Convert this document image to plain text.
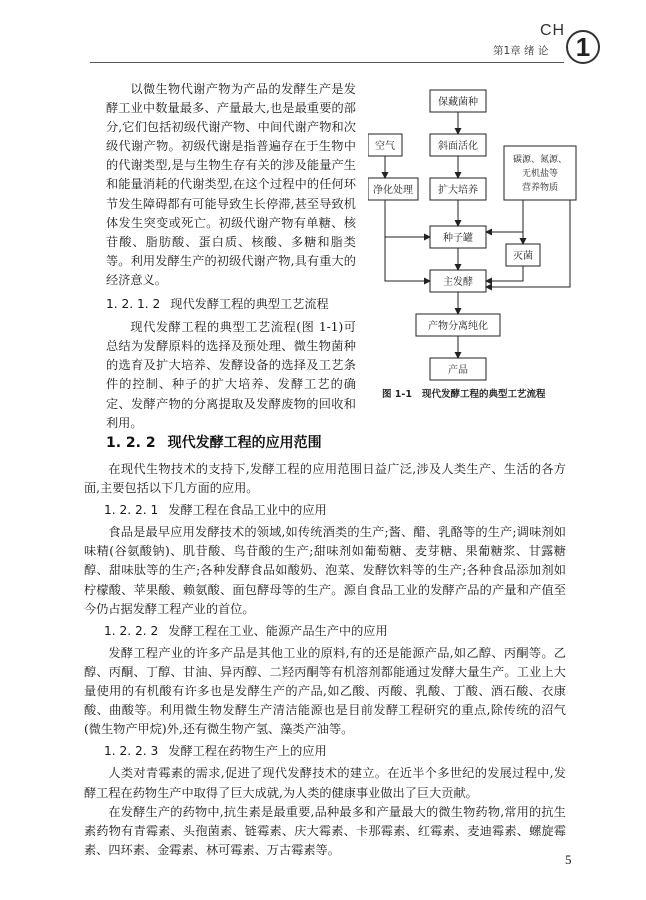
CH
1
第1章 绪 论

以微生物代谢产物为产品的发酵生产是发酵工业中数量最多、产量最大,也是最重要的部分,它们包括初级代谢产物、中间代谢产物和次级代谢产物。初级代谢是指普遍存在于生物中的代谢类型,是与生物生存有关的涉及能量产生和能量消耗的代谢类型,在这个过程中的任何环节发生障碍都有可能导致生长停滞,甚至导致机体发生突变或死亡。初级代谢产物有单糖、核苷酸、脂肪酸、蛋白质、核酸、多糖和脂类等。利用发酵生产的初级代谢产物,具有重大的经济意义。

1. 2. 1. 2 现代发酵工程的典型工艺流程

现代发酵工程的典型工艺流程(图 1-1)可总结为发酵原料的选择及预处理、微生物菌种的选育及扩大培养、发酵设备的选择及工艺条件的控制、种子的扩大培养、发酵工艺的确定、发酵产物的分离提取及发酵废物的回收和利用。

保藏菌种
斜面活化
扩大培养
空气
净化处理
碳源、氮源、
无机盐等
营养物质
种子罐
灭菌
主发酵
产物分离纯化
产品
图 1-1 现代发酵工程的典型工艺流程
1. 2. 2 现代发酵工程的应用范围

在现代生物技术的支持下,发酵工程的应用范围日益广泛,涉及人类生产、生活的各方面,主要包括以下几方面的应用。

1. 2. 2. 1 发酵工程在食品工业中的应用

食品是最早应用发酵技术的领域,如传统酒类的生产;酱、醋、乳酪等的生产;调味剂如味精(谷氨酸钠)、肌苷酸、鸟苷酸的生产;甜味剂如葡萄糖、麦芽糖、果葡糖浆、甘露糖醇、甜味肽等的生产;各种发酵食品如酸奶、泡菜、发酵饮料等的生产;各种食品添加剂如柠檬酸、苹果酸、赖氨酸、面包酵母等的生产。源自食品工业的发酵产品的产量和产值至今仍占据发酵工程产业的首位。

1. 2. 2. 2 发酵工程在工业、能源产品生产中的应用

发酵工程产业的许多产品是其他工业的原料,有的还是能源产品,如乙醇、丙酮等。乙醇、丙酮、丁醇、甘油、异丙醇、二羟丙酮等有机溶剂都能通过发酵大量生产。工业上大量使用的有机酸有许多也是发酵生产的产品,如乙酸、丙酸、乳酸、丁酸、酒石酸、衣康酸、曲酸等。利用微生物发酵生产清洁能源也是目前发酵工程研究的重点,除传统的沼气(微生物产甲烷)外,还有微生物产氢、藻类产油等。

1. 2. 2. 3 发酵工程在药物生产上的应用

人类对青霉素的需求,促进了现代发酵技术的建立。在近半个多世纪的发展过程中,发酵工程在药物生产中取得了巨大成就,为人类的健康事业做出了巨大贡献。

在发酵生产的药物中,抗生素是最重要,品种最多和产量最大的微生物药物,常用的抗生素药物有青霉素、头孢菌素、链霉素、庆大霉素、卡那霉素、红霉素、麦迪霉素、螺旋霉素、四环素、金霉素、林可霉素、万古霉素等。

5
